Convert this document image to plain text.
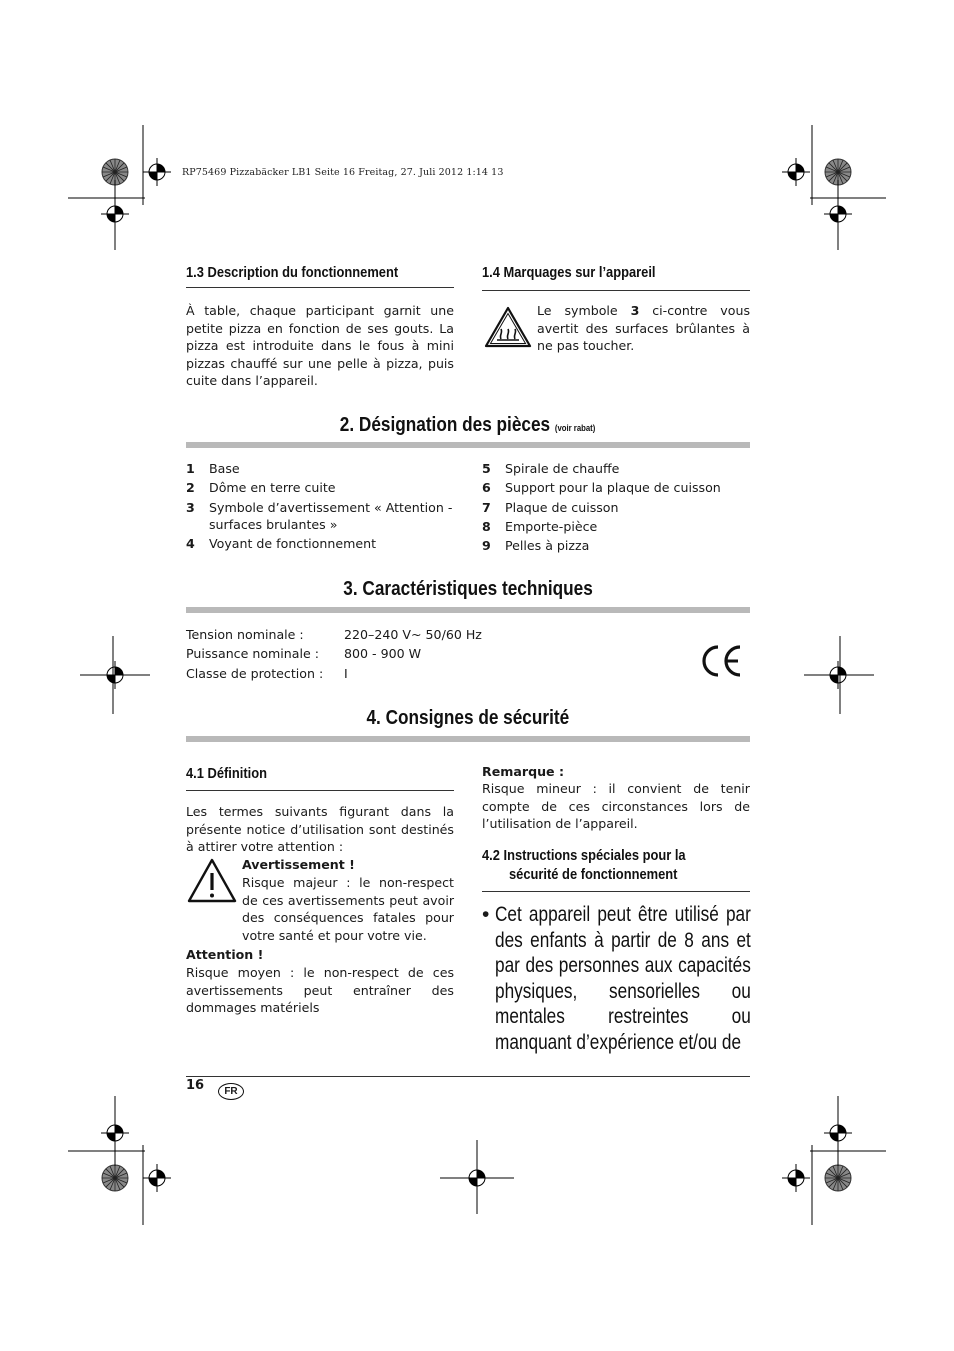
RP75469 Pizzabäcker LB1 Seite 16 Freitag, 27. Juli 2012 1:14 13
1.3 Description du fonctionnement
À table, chaque participant garnit une petite pizza en fonction de ses gouts. La pizza est introduite dans le fous à mini pizzas chauffé sur une pelle à pizza, puis cuite dans l’appareil.
1.4 Marquages sur l’appareil
Le symbole 3 ci-contre vous avertit des surfaces brûlantes à ne pas toucher.
2. Désignation des pièces (voir rabat)
1	Base
2	Dôme en terre cuite
3	Symbole d’avertissement « Attention - surfaces brulantes »
4	Voyant de fonctionnement
5	Spirale de chauffe
6	Support pour la plaque de cuisson
7	Plaque de cuisson
8	Emporte-pièce
9	Pelles à pizza
3. Caractéristiques techniques
Tension nominale :	220–240 V~ 50/60 Hz
Puissance nominale :	800 - 900 W
Classe de protection :	I
4. Consignes de sécurité
4.1 Définition
Les termes suivants figurant dans la présente notice d’utilisation sont destinés à attirer votre attention :
Avertissement !
Risque majeur : le non-respect de ces avertissements peut avoir des conséquences fatales pour votre santé et pour votre vie.
Attention !
Risque moyen : le non-respect de ces avertissements peut entraîner des dommages matériels
Remarque :
Risque mineur : il convient de tenir compte de ces circonstances lors de l’utilisation de l’appareil.
4.2 Instructions spéciales pour la
sécurité de fonctionnement
• Cet appareil peut être utilisé par des enfants à partir de 8 ans et par des personnes aux capacités physiques, sensorielles ou mentales restreintes ou manquant d’expérience et/ou de
16	FR
